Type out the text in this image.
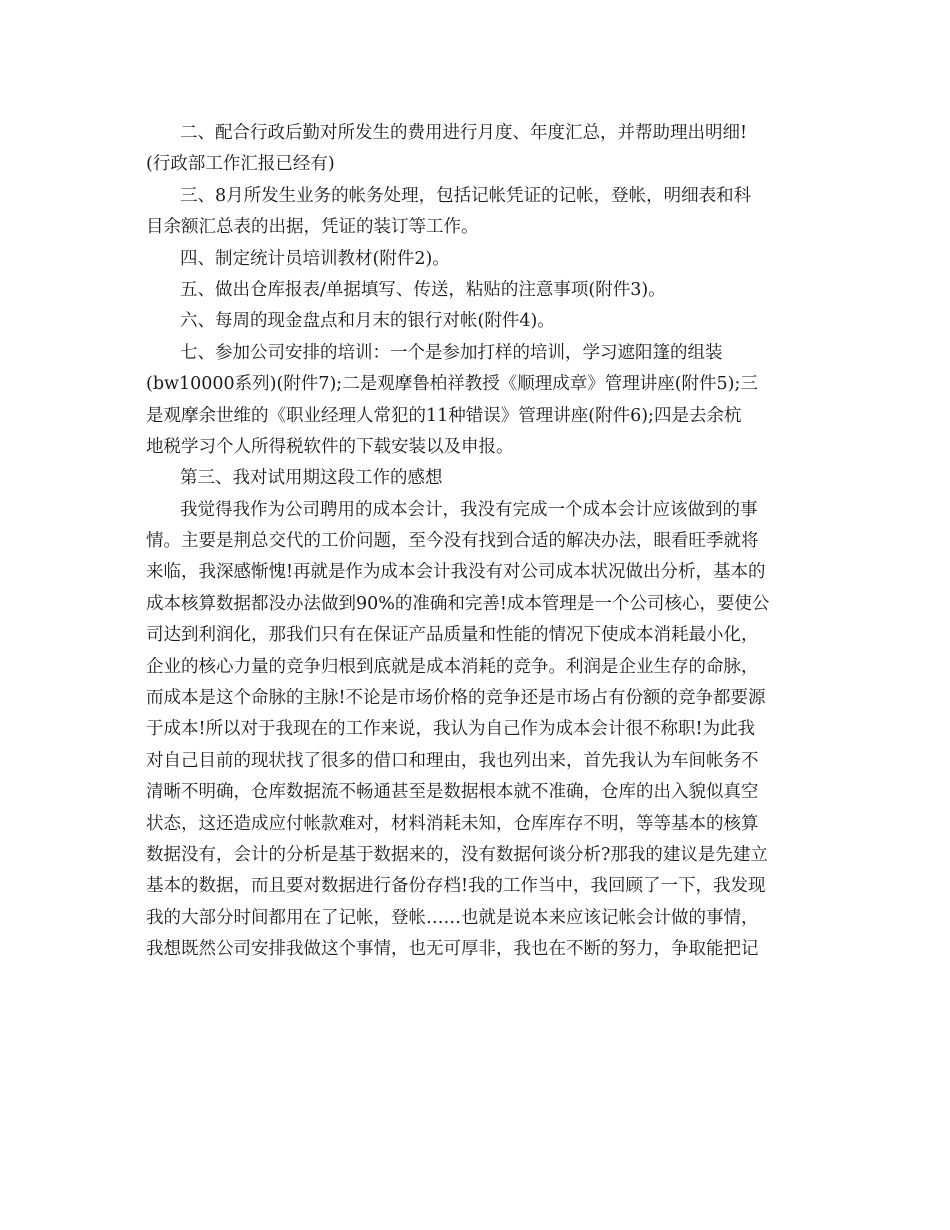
二、配合行政后勤对所发生的费用进行月度、年度汇总，并帮助理出明细!
(行政部工作汇报已经有)
三、8月所发生业务的帐务处理，包括记帐凭证的记帐，登帐，明细表和科
目余额汇总表的出据，凭证的装订等工作。
四、制定统计员培训教材(附件2)。
五、做出仓库报表/单据填写、传送，粘贴的注意事项(附件3)。
六、每周的现金盘点和月末的银行对帐(附件4)。
七、参加公司安排的培训：一个是参加打样的培训，学习遮阳篷的组装
(bw10000系列)(附件7);二是观摩鲁柏祥教授《顺理成章》管理讲座(附件5);三
是观摩余世维的《职业经理人常犯的11种错误》管理讲座(附件6);四是去余杭
地税学习个人所得税软件的下载安装以及申报。
第三、我对试用期这段工作的感想
我觉得我作为公司聘用的成本会计，我没有完成一个成本会计应该做到的事
情。主要是荆总交代的工价问题，至今没有找到合适的解决办法，眼看旺季就将
来临，我深感惭愧!再就是作为成本会计我没有对公司成本状况做出分析，基本的
成本核算数据都没办法做到90%的准确和完善!成本管理是一个公司核心，要使公
司达到利润化，那我们只有在保证产品质量和性能的情况下使成本消耗最小化，
企业的核心力量的竞争归根到底就是成本消耗的竞争。利润是企业生存的命脉，
而成本是这个命脉的主脉!不论是市场价格的竞争还是市场占有份额的竞争都要源
于成本!所以对于我现在的工作来说，我认为自己作为成本会计很不称职!为此我
对自己目前的现状找了很多的借口和理由，我也列出来，首先我认为车间帐务不
清晰不明确，仓库数据流不畅通甚至是数据根本就不准确，仓库的出入貌似真空
状态，这还造成应付帐款难对，材料消耗未知，仓库库存不明，等等基本的核算
数据没有，会计的分析是基于数据来的，没有数据何谈分析?那我的建议是先建立
基本的数据，而且要对数据进行备份存档!我的工作当中，我回顾了一下，我发现
我的大部分时间都用在了记帐，登帐……也就是说本来应该记帐会计做的事情，
我想既然公司安排我做这个事情，也无可厚非，我也在不断的努力，争取能把记
